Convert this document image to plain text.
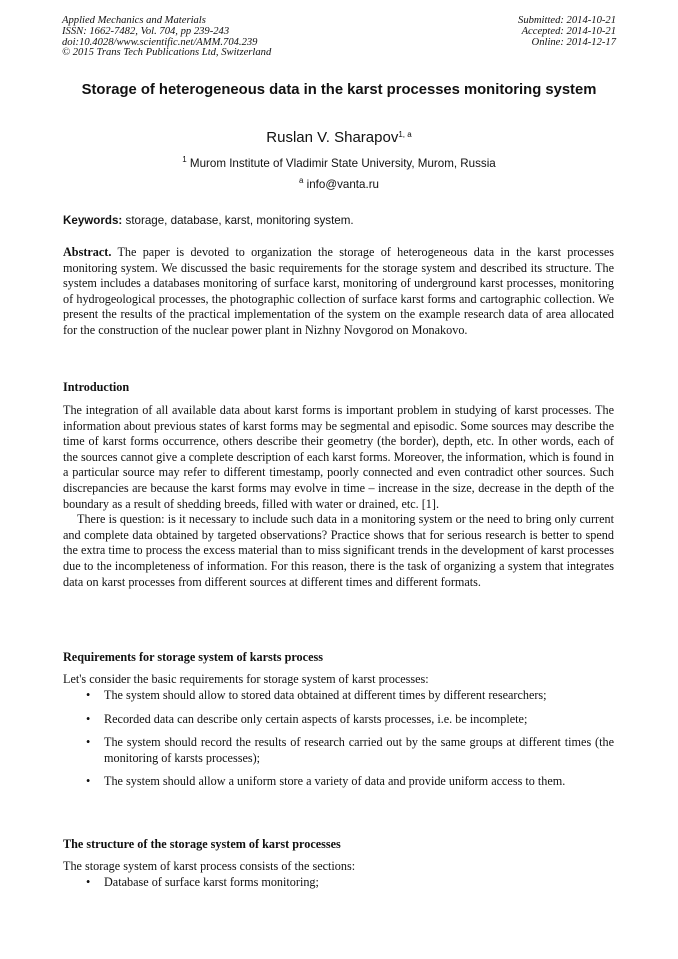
Applied Mechanics and Materials
ISSN: 1662-7482, Vol. 704, pp 239-243
doi:10.4028/www.scientific.net/AMM.704.239
© 2015 Trans Tech Publications Ltd, Switzerland
Submitted: 2014-10-21
Accepted: 2014-10-21
Online: 2014-12-17
Storage of heterogeneous data in the karst processes monitoring system
Ruslan V. Sharapov$^{1, a}$
$^1$ Murom Institute of Vladimir State University, Murom, Russia
$^a$ info@vanta.ru
Keywords: storage, database, karst, monitoring system.
Abstract. The paper is devoted to organization the storage of heterogeneous data in the karst processes monitoring system. We discussed the basic requirements for the storage system and described its structure. The system includes a databases monitoring of surface karst, monitoring of underground karst processes, monitoring of hydrogeological processes, the photographic collection of surface karst forms and cartographic collection. We present the results of the practical implementation of the system on the example research data of area allocated for the construction of the nuclear power plant in Nizhny Novgorod on Monakovo.
Introduction
The integration of all available data about karst forms is important problem in studying of karst processes. The information about previous states of karst forms may be segmental and episodic. Some sources may describe the time of karst forms occurrence, others describe their geometry (the border), depth, etc. In other words, each of the sources cannot give a complete description of each karst forms. Moreover, the information, which is found in a particular source may refer to different timestamp, poorly connected and even contradict other sources. Such discrepancies are because the karst forms may evolve in time – increase in the size, decrease in the depth of the boundary as a result of shedding breeds, filled with water or drained, etc. [1].
There is question: is it necessary to include such data in a monitoring system or the need to bring only current and complete data obtained by targeted observations? Practice shows that for serious research is better to spend the extra time to process the excess material than to miss significant trends in the development of karst processes due to the incompleteness of information. For this reason, there is the task of organizing a system that integrates data on karst processes from different sources at different times and different formats.
Requirements for storage system of karsts process
Let's consider the basic requirements for storage system of karst processes:
• The system should allow to stored data obtained at different times by different researchers;
• Recorded data can describe only certain aspects of karsts processes, i.e. be incomplete;
• The system should record the results of research carried out by the same groups at different times (the monitoring of karsts processes);
• The system should allow a uniform store a variety of data and provide uniform access to them.
The structure of the storage system of karst processes
The storage system of karst process consists of the sections:
• Database of surface karst forms monitoring;
